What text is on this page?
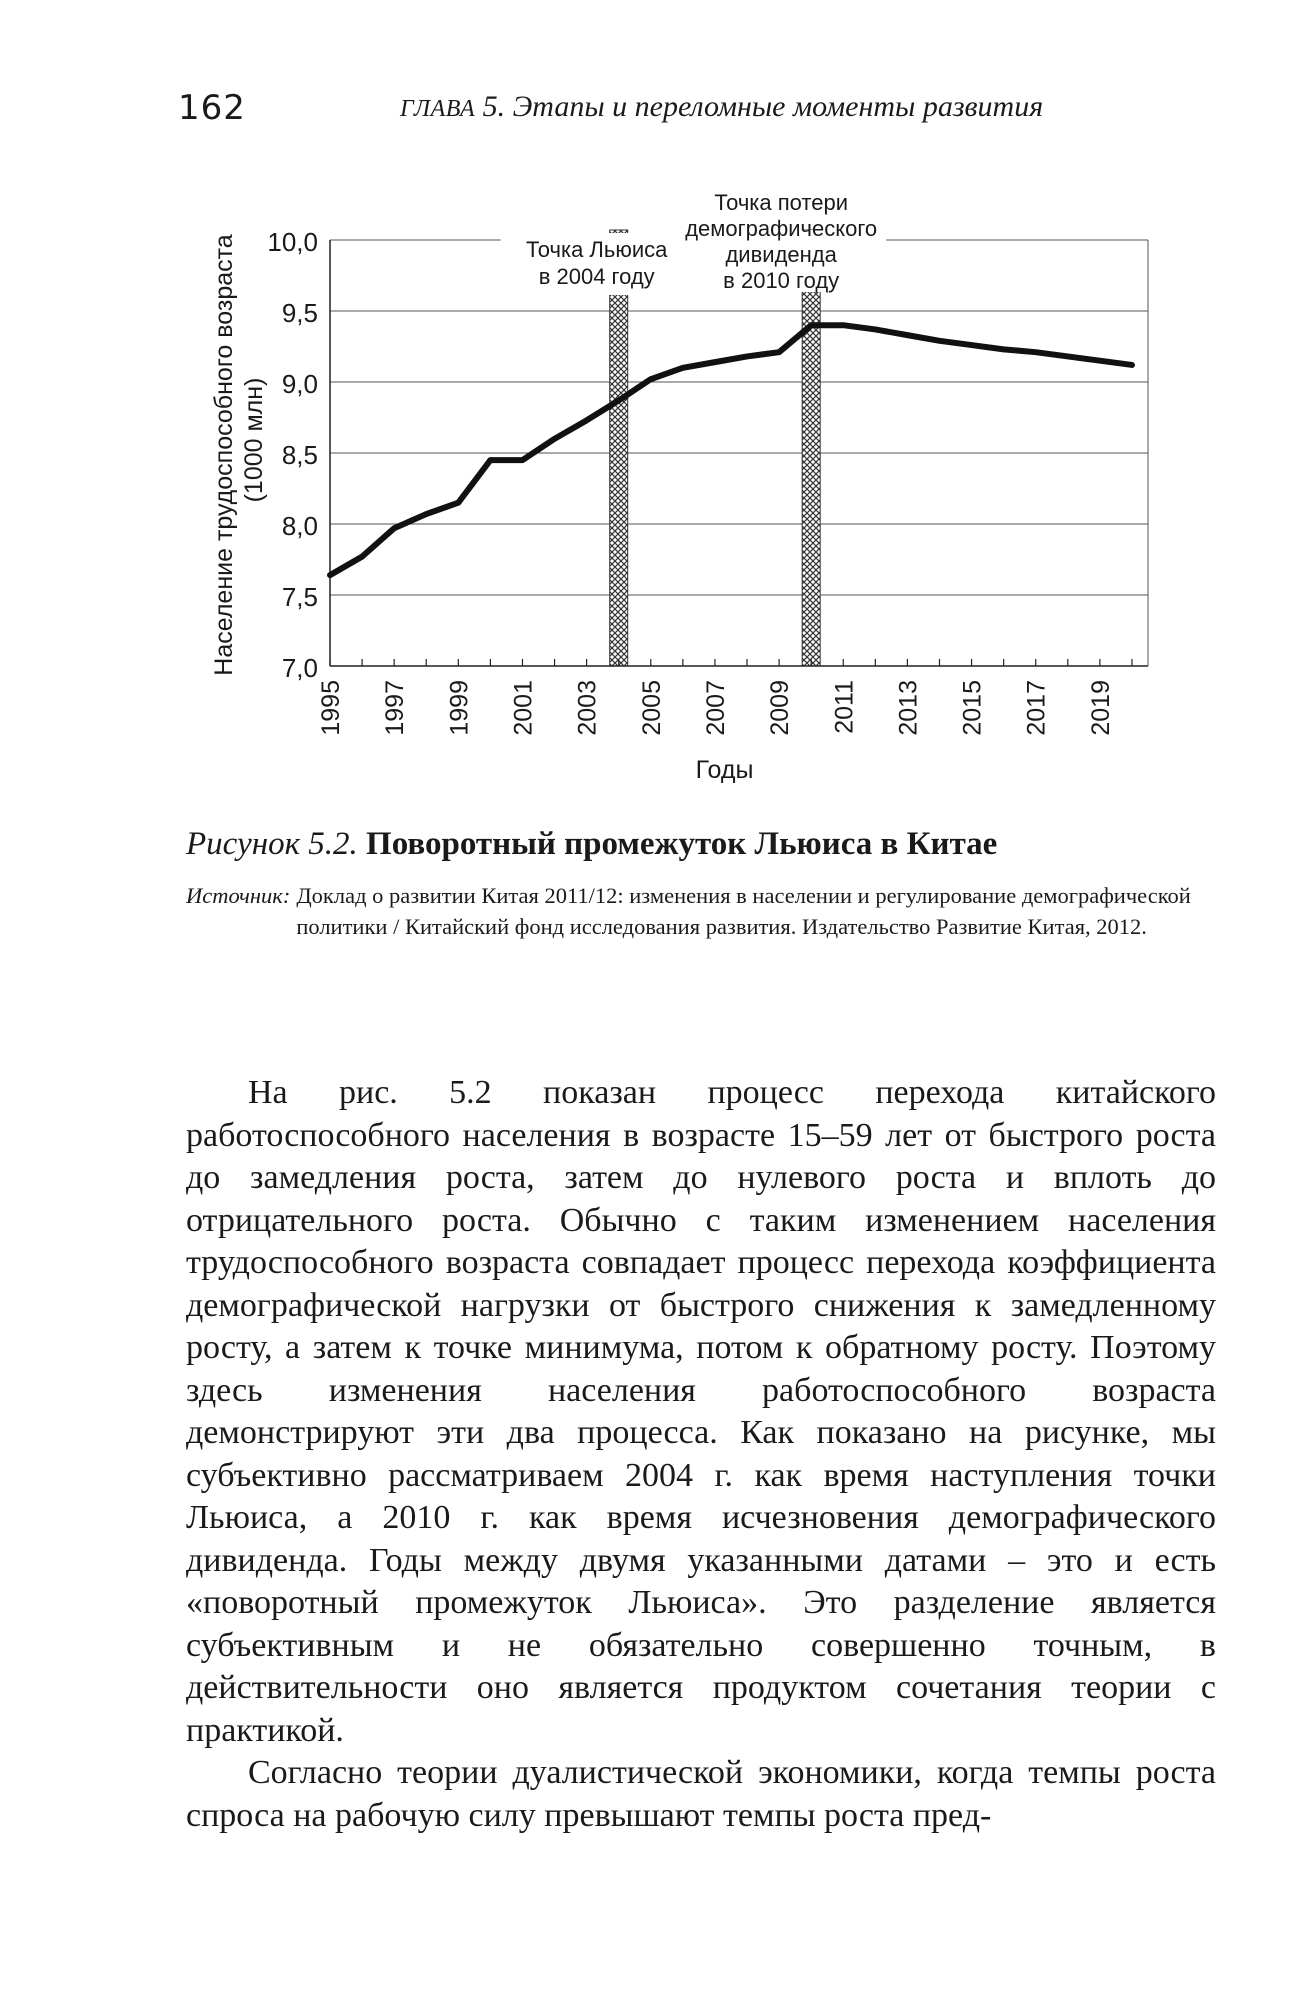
162	ГЛАВА 5. Этапы и переломные моменты развития
10,0
9,5
9,0
8,5
8,0
7,5
7,0
1995 1997 1999 2001 2003 2005 2007 2009 2011 2013 2015 2017 2019
Население трудоспособного возраста (1000 млн)
Годы
Точка Льюиса
в 2004 году
Точка потери
демографического
дивиденда
в 2010 году
Рисунок 5.2. Поворотный промежуток Льюиса в Китае
Источник: Доклад о развитии Китая 2011/12: изменения в населении и регулирование демографической политики / Китайский фонд исследования развития. Издательство Развитие Китая, 2012.

На рис. 5.2 показан процесс перехода китайского работоспособного населения в возрасте 15–59 лет от быстрого роста до замедления роста, затем до нулевого роста и вплоть до отрицательного роста. Обычно с таким изменением населения трудоспособного возраста совпадает процесс перехода коэффициента демографической нагрузки от быстрого снижения к замедленному росту, а затем к точке минимума, потом к обратному росту. Поэтому здесь изменения населения работоспособного возраста демонстрируют эти два процесса. Как показано на рисунке, мы субъективно рассматриваем 2004 г. как время наступления точки Льюиса, а 2010 г. как время исчезновения демографического дивиденда. Годы между двумя указанными датами – это и есть «поворотный промежуток Льюиса». Это разделение является субъективным и не обязательно совершенно точным, в действительности оно является продуктом сочетания теории с практикой.

Согласно теории дуалистической экономики, когда темпы роста спроса на рабочую силу превышают темпы роста пред-
